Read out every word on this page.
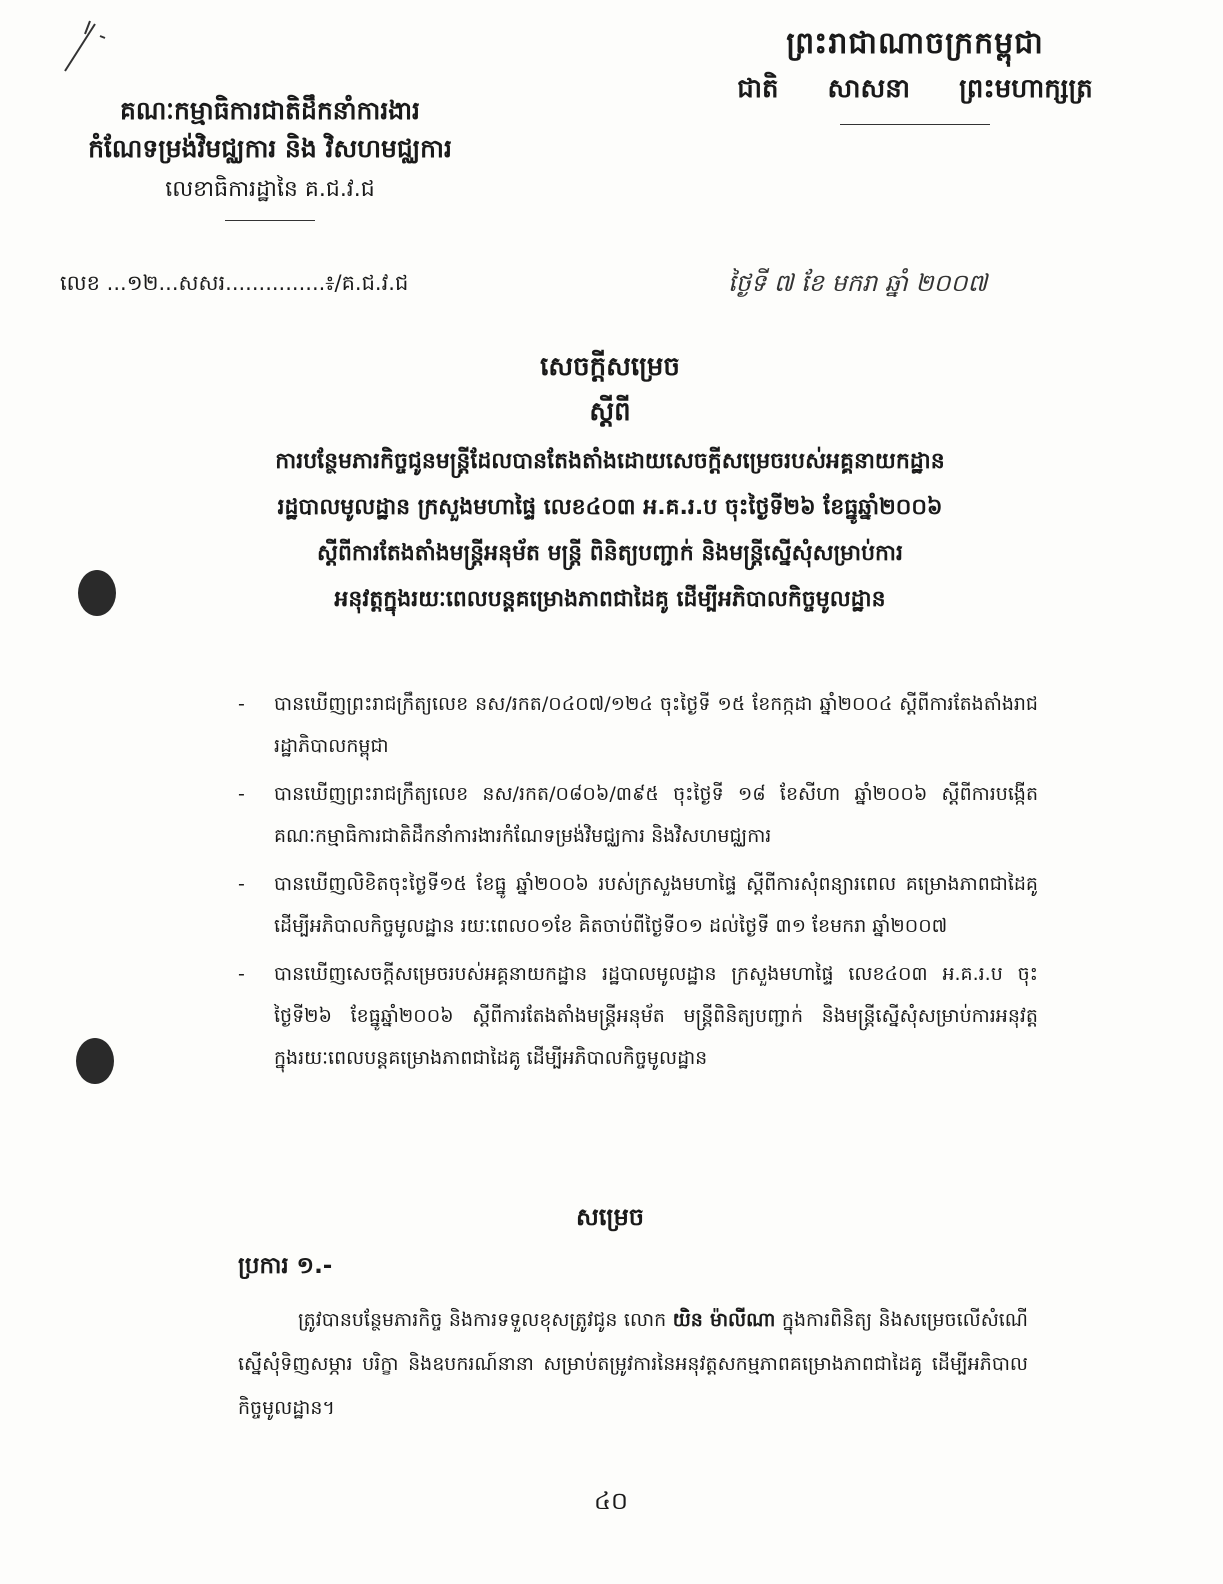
ព្រះរាជាណាចក្រកម្ពុជា
ជាតិ សាសនា ព្រះមហាក្សត្រ
គណៈកម្មាធិការជាតិដឹកនាំការងារ
កំណែទម្រង់វិមជ្ឈការ និង វិសហមជ្ឈការ
លេខាធិការដ្ឋានៃ គ.ជ.វ.ជ
លេខ ...១២...សសរ...............៖/គ.ជ.វ.ជ	ថ្ងៃទី ៧ ខែ មករា ឆ្នាំ ២០០៧
សេចក្តីសម្រេច
ស្តីពី
ការបន្ថែមភារកិច្ចជូនមន្ត្រីដែលបានតែងតាំងដោយសេចក្តីសម្រេចរបស់អគ្គនាយកដ្ឋាន
រដ្ឋបាលមូលដ្ឋាន ក្រសួងមហាផ្ទៃ លេខ៤០៣ អ.គ.រ.ប ចុះថ្ងៃទី២៦ ខែធ្នូឆ្នាំ២០០៦
ស្តីពីការតែងតាំងមន្ត្រីអនុម័ត មន្ត្រី ពិនិត្យបញ្ជាក់ និងមន្ត្រីស្នើសុំសម្រាប់ការ
អនុវត្តក្នុងរយៈពេលបន្តគម្រោងភាពជាដៃគូ ដើម្បីអភិបាលកិច្ចមូលដ្ឋាន
- បានឃើញព្រះរាជក្រឹត្យលេខ នស/រកត/០៤០៧/១២៤ ចុះថ្ងៃទី ១៥ ខែកក្កដា ឆ្នាំ២០០៤ ស្តីពីការតែងតាំងរាជរដ្ឋាភិបាលកម្ពុជា
- បានឃើញព្រះរាជក្រឹត្យលេខ នស/រកត/០៨០៦/៣៩៥ ចុះថ្ងៃទី ១៨ ខែសីហា ឆ្នាំ២០០៦ ស្តីពីការបង្កើតគណៈកម្មាធិការជាតិដឹកនាំការងារកំណែទម្រង់វិមជ្ឈការ និងវិសហមជ្ឈការ
- បានឃើញលិខិតចុះថ្ងៃទី១៥ ខែធ្នូ ឆ្នាំ២០០៦ របស់ក្រសួងមហាផ្ទៃ ស្តីពីការសុំពន្យារពេល គម្រោងភាពជាដៃគូដើម្បីអភិបាលកិច្ចមូលដ្ឋាន រយៈពេល០១ខែ គិតចាប់ពីថ្ងៃទី០១ ដល់ថ្ងៃទី ៣១ ខែមករា ឆ្នាំ២០០៧
- បានឃើញសេចក្តីសម្រេចរបស់អគ្គនាយកដ្ឋាន រដ្ឋបាលមូលដ្ឋាន ក្រសួងមហាផ្ទៃ លេខ៤០៣ អ.គ.រ.ប ចុះថ្ងៃទី២៦ ខែធ្នូឆ្នាំ២០០៦ ស្តីពីការតែងតាំងមន្ត្រីអនុម័ត មន្ត្រីពិនិត្យបញ្ជាក់ និងមន្ត្រីស្នើសុំសម្រាប់ការអនុវត្តក្នុងរយៈពេលបន្តគម្រោងភាពជាដៃគូ ដើម្បីអភិបាលកិច្ចមូលដ្ឋាន
សម្រេច
ប្រការ ១.-
ត្រូវបានបន្ថែមភារកិច្ច និងការទទួលខុសត្រូវជូន លោក យិន ម៉ាលីណា ក្នុងការពិនិត្យ និងសម្រេចលើសំណើស្នើសុំទិញសម្ភារ បរិក្ខា និងឧបករណ៍នានា សម្រាប់តម្រូវការនៃអនុវត្តសកម្មភាពគម្រោងភាពជាដៃគូ ដើម្បីអភិបាលកិច្ចមូលដ្ឋាន។
៤០
